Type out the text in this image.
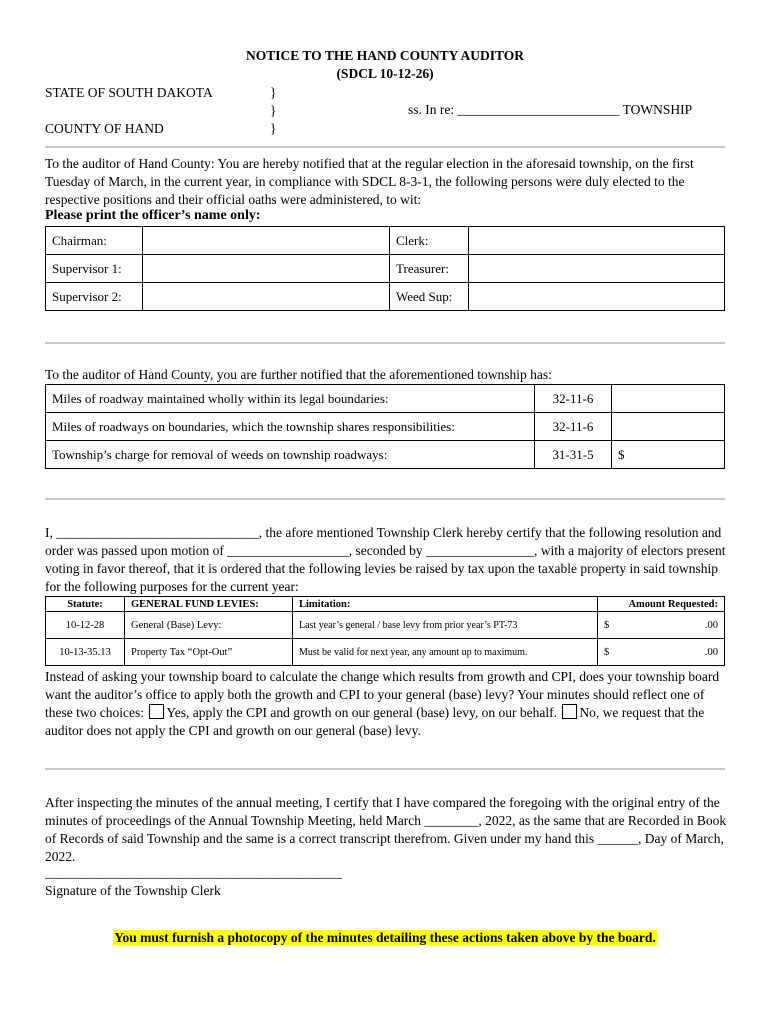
NOTICE TO THE HAND COUNTY AUDITOR
(SDCL 10-12-26)
STATE OF SOUTH DAKOTA
COUNTY OF HAND
}
}
}
ss. In re: ________________________ TOWNSHIP
To the auditor of Hand County: You are hereby notified that at the regular election in the aforesaid township, on the first Tuesday of March, in the current year, in compliance with SDCL 8-3-1, the following persons were duly elected to the respective positions and their official oaths were administered, to wit:
Please print the officer’s name only:
Chairman:		Clerk:	
Supervisor 1:		Treasurer:	
Supervisor 2:		Weed Sup:	
To the auditor of Hand County, you are further notified that the aforementioned township has:
Miles of roadway maintained wholly within its legal boundaries:	32-11-6	
Miles of roadways on boundaries, which the township shares responsibilities:	32-11-6	
Township’s charge for removal of weeds on township roadways:	31-31-5	$
I, ______________________________, the afore mentioned Township Clerk hereby certify that the following resolution and order was passed upon motion of __________________, seconded by ________________, with a majority of electors present voting in favor thereof, that it is ordered that the following levies be raised by tax upon the taxable property in said township for the following purposes for the current year:
Statute:	GENERAL FUND LEVIES:	Limitation:	Amount Requested:
10-12-28	General (Base) Levy:	Last year’s general / base levy from prior year’s PT-73	$ .00

10-13-35.13	Property Tax “Opt-Out”	Must be valid for next year, any amount up to maximum.	$ .00
Instead of asking your township board to calculate the change which results from growth and CPI, does your township board want the auditor’s office to apply both the growth and CPI to your general (base) levy? Your minutes should reflect one of these two choices: Yes, apply the CPI and growth on our general (base) levy, on our behalf. No, we request that the auditor does not apply the CPI and growth on our general (base) levy.
After inspecting the minutes of the annual meeting, I certify that I have compared the foregoing with the original entry of the minutes of proceedings of the Annual Township Meeting, held March ________, 2022, as the same that are Recorded in Book of Records of said Township and the same is a correct transcript therefrom. Given under my hand this ______, Day of March, 2022.
____________________________________________
Signature of the Township Clerk
You must furnish a photocopy of the minutes detailing these actions taken above by the board.
